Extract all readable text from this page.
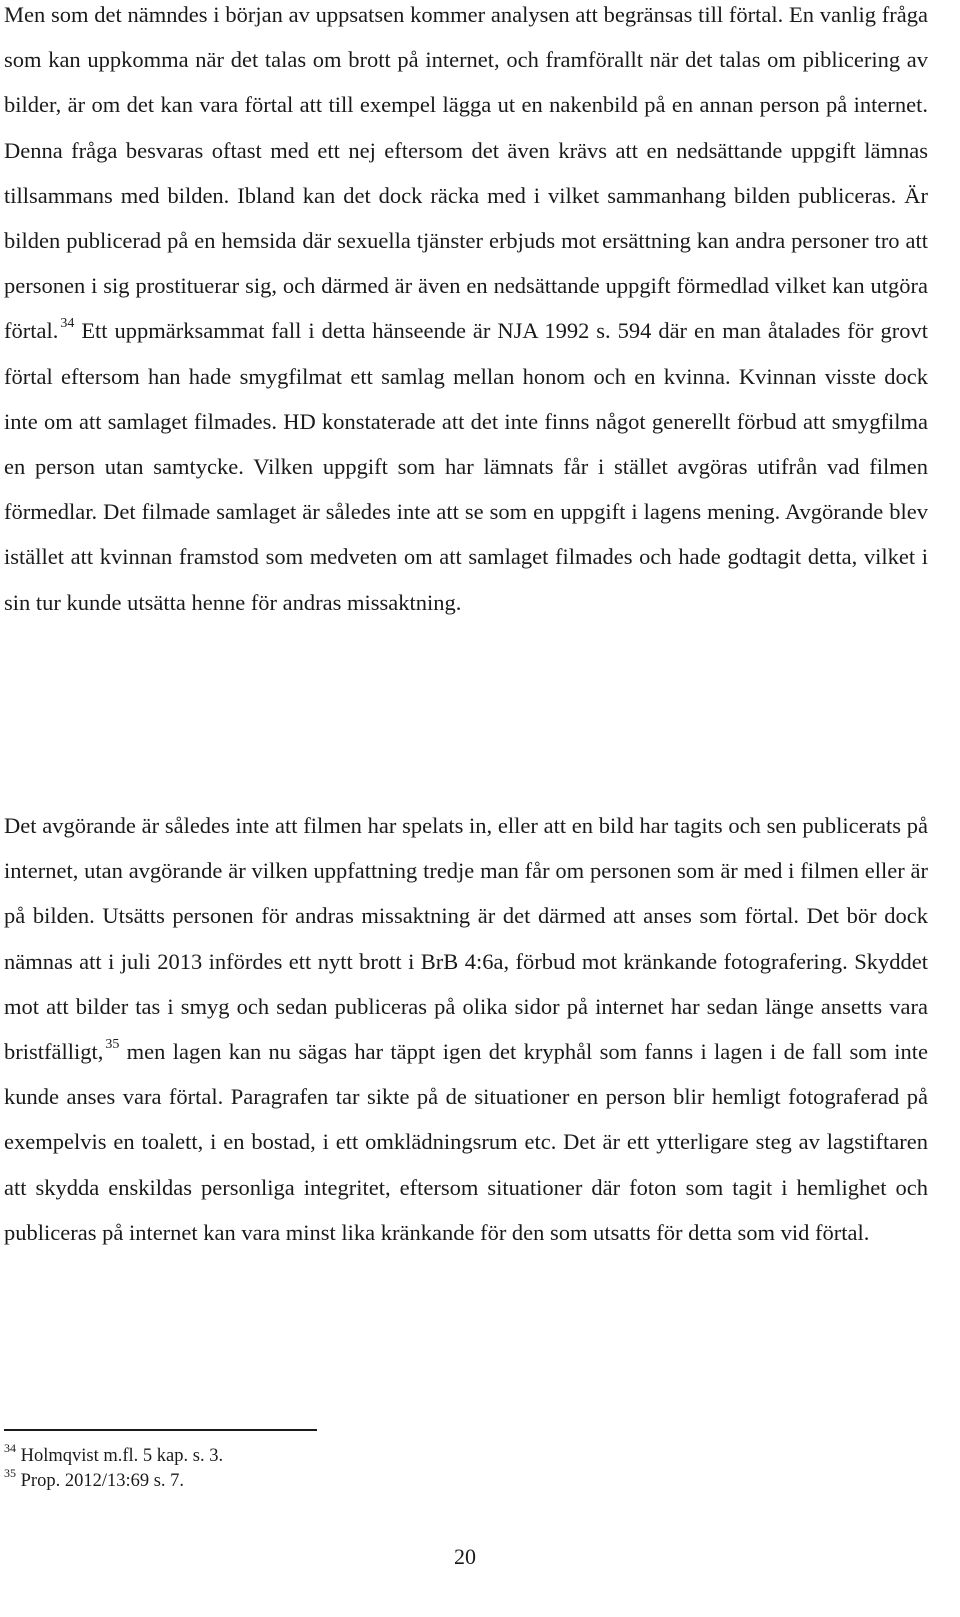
Men som det nämndes i början av uppsatsen kommer analysen att begränsas till förtal. En vanlig fråga som kan uppkomma när det talas om brott på internet, och framförallt när det talas om piblicering av bilder, är om det kan vara förtal att till exempel lägga ut en nakenbild på en annan person på internet. Denna fråga besvaras oftast med ett nej eftersom det även krävs att en nedsättande uppgift lämnas tillsammans med bilden. Ibland kan det dock räcka med i vilket sammanhang bilden publiceras. Är bilden publicerad på en hemsida där sexuella tjänster erbjuds mot ersättning kan andra personer tro att personen i sig prostituerar sig, och därmed är även en nedsättande uppgift förmedlad vilket kan utgöra förtal. $^{34}$ Ett uppmärksammat fall i detta hänseende är NJA 1992 s. 594 där en man åtalades för grovt förtal eftersom han hade smygfilmat ett samlag mellan honom och en kvinna. Kvinnan visste dock inte om att samlaget filmades. HD konstaterade att det inte finns något generellt förbud att smygfilma en person utan samtycke. Vilken uppgift som har lämnats får i stället avgöras utifrån vad filmen förmedlar. Det filmade samlaget är således inte att se som en uppgift i lagens mening. Avgörande blev istället att kvinnan framstod som medveten om att samlaget filmades och hade godtagit detta, vilket i sin tur kunde utsätta henne för andras missaktning.

Det avgörande är således inte att filmen har spelats in, eller att en bild har tagits och sen publicerats på internet, utan avgörande är vilken uppfattning tredje man får om personen som är med i filmen eller är på bilden. Utsätts personen för andras missaktning är det därmed att anses som förtal. Det bör dock nämnas att i juli 2013 infördes ett nytt brott i BrB 4:6a, förbud mot kränkande fotografering. Skyddet mot att bilder tas i smyg och sedan publiceras på olika sidor på internet har sedan länge ansetts vara bristfälligt, $^{35}$ men lagen kan nu sägas har täppt igen det kryphål som fanns i lagen i de fall som inte kunde anses vara förtal. Paragrafen tar sikte på de situationer en person blir hemligt fotograferad på exempelvis en toalett, i en bostad, i ett omklädningsrum etc. Det är ett ytterligare steg av lagstiftaren att skydda enskildas personliga integritet, eftersom situationer där foton som tagit i hemlighet och publiceras på internet kan vara minst lika kränkande för den som utsatts för detta som vid förtal.

$^{34}$ Holmqvist m.fl. 5 kap. s. 3.

$^{35}$ Prop. 2012/13:69 s. 7.

20
